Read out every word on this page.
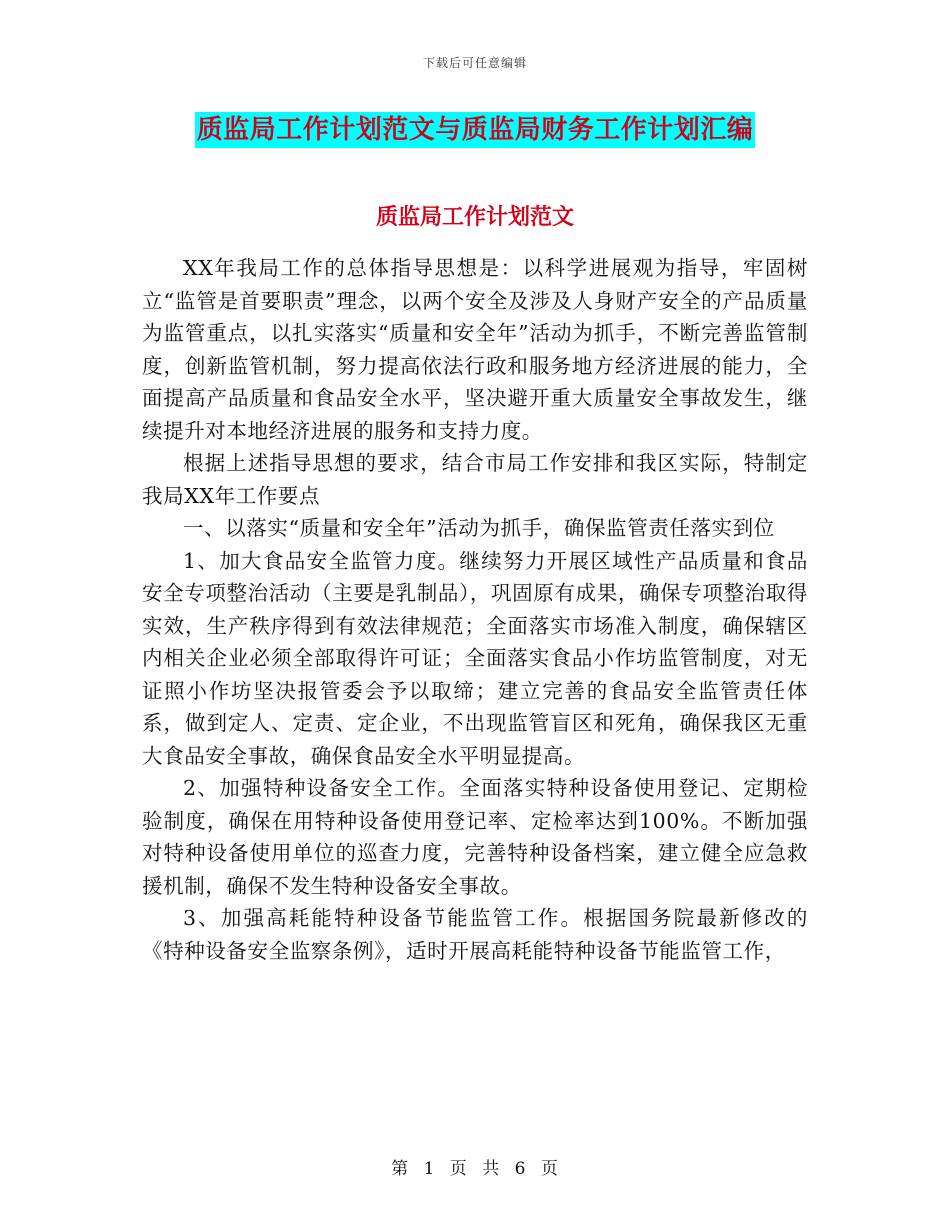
下载后可任意编辑
质监局工作计划范文与质监局财务工作计划汇编
质监局工作计划范文

XX年我局工作的总体指导思想是：以科学进展观为指导，牢固树立“监管是首要职责”理念，以两个安全及涉及人身财产安全的产品质量为监管重点，以扎实落实“质量和安全年”活动为抓手，不断完善监管制度，创新监管机制，努力提高依法行政和服务地方经济进展的能力，全面提高产品质量和食品安全水平，坚决避开重大质量安全事故发生，继续提升对本地经济进展的服务和支持力度。

根据上述指导思想的要求，结合市局工作安排和我区实际，特制定我局XX年工作要点

一、以落实“质量和安全年”活动为抓手，确保监管责任落实到位

1、加大食品安全监管力度。继续努力开展区域性产品质量和食品安全专项整治活动（主要是乳制品），巩固原有成果，确保专项整治取得实效，生产秩序得到有效法律规范；全面落实市场准入制度，确保辖区内相关企业必须全部取得许可证；全面落实食品小作坊监管制度，对无证照小作坊坚决报管委会予以取缔；建立完善的食品安全监管责任体系，做到定人、定责、定企业，不出现监管盲区和死角，确保我区无重大食品安全事故，确保食品安全水平明显提高。

2、加强特种设备安全工作。全面落实特种设备使用登记、定期检验制度，确保在用特种设备使用登记率、定检率达到100%。不断加强对特种设备使用单位的巡查力度，完善特种设备档案，建立健全应急救援机制，确保不发生特种设备安全事故。

3、加强高耗能特种设备节能监管工作。根据国务院最新修改的《特种设备安全监察条例》，适时开展高耗能特种设备节能监管工作，

第 1 页 共 6 页
